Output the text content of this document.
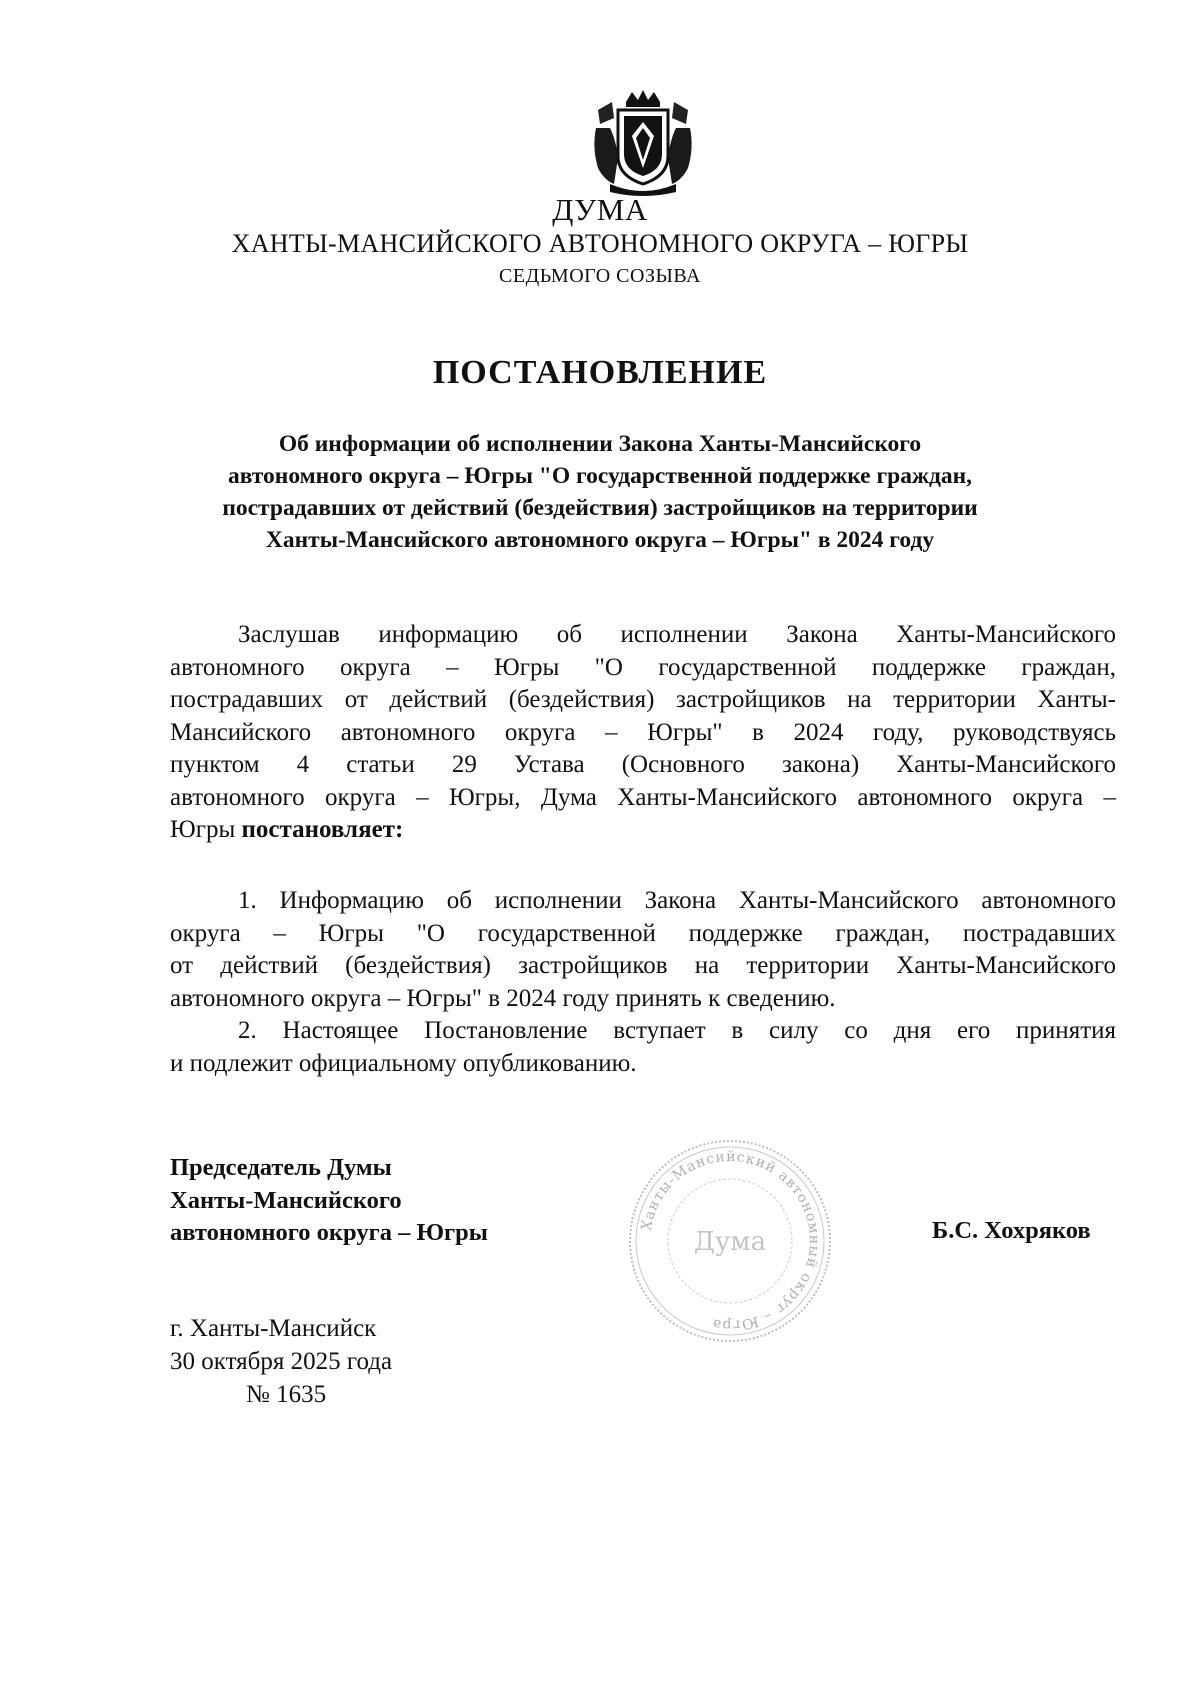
ДУМА
ХАНТЫ-МАНСИЙСКОГО АВТОНОМНОГО ОКРУГА – ЮГРЫ
СЕДЬМОГО СОЗЫВА
ПОСТАНОВЛЕНИЕ
Об информации об исполнении Закона Ханты-Мансийского
автономного округа – Югры "О государственной поддержке граждан,
пострадавших от действий (бездействия) застройщиков на территории
Ханты-Мансийского автономного округа – Югры" в 2024 году
Заслушав информацию об исполнении Закона Ханты-Мансийского
автономного округа – Югры "О государственной поддержке граждан,
пострадавших от действий (бездействия) застройщиков на территории Ханты-
Мансийского автономного округа – Югры" в 2024 году, руководствуясь
пунктом 4 статьи 29 Устава (Основного закона) Ханты-Мансийского
автономного округа – Югры, Дума Ханты-Мансийского автономного округа –
Югры постановляет:
1. Информацию об исполнении Закона Ханты-Мансийского автономного
округа – Югры "О государственной поддержке граждан, пострадавших
от действий (бездействия) застройщиков на территории Ханты-Мансийского
автономного округа – Югры" в 2024 году принять к сведению.
2. Настоящее Постановление вступает в силу со дня его принятия
и подлежит официальному опубликованию.
Председатель Думы
Ханты-Мансийского
автономного округа – Югры	Ханты-Мансийский автономный округ – Югра
Дума	Б.С. Хохряков
г. Ханты-Мансийск
30 октября 2025 года
№ 1635
